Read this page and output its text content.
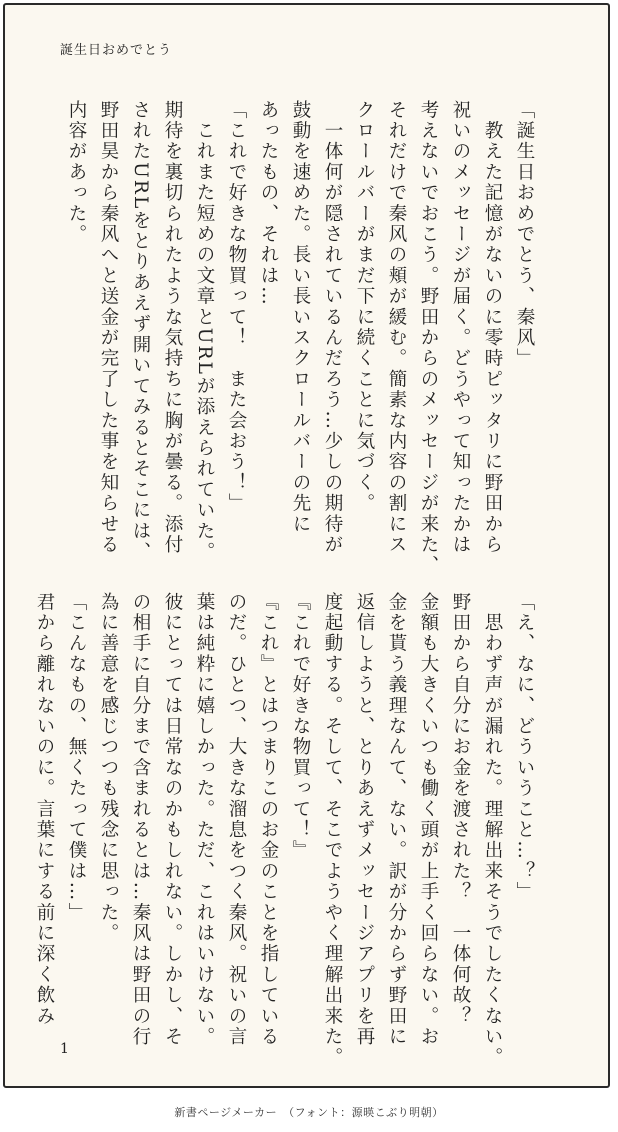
誕生日おめでとう
「誕生日おめでとう、秦风」
　教えた記憶がないのに零時ピッタリに野田から
祝いのメッセージが届く。どうやって知ったかは
考えないでおこう。野田からのメッセージが来た、
それだけで秦风の頬が緩む。簡素な内容の割にス
クロールバーがまだ下に続くことに気づく。
　一体何が隠されているんだろう…少しの期待が
鼓動を速めた。長い長いスクロールバーの先に
あったもの、それは…
「これで好きな物買って！　また会おう！」
　これまた短めの文章とURLが添えられていた。
期待を裏切られたような気持ちに胸が曇る。添付
されたURLをとりあえず開いてみるとそこには、
野田昊から秦风へと送金が完了した事を知らせる
内容があった。
「え、なに、どういうこと…？」
　思わず声が漏れた。理解出来そうでしたくない。
野田から自分にお金を渡された？　一体何故？
金額も大きくいつも働く頭が上手く回らない。お
金を貰う義理なんて、ない。訳が分からず野田に
返信しようと、とりあえずメッセージアプリを再
度起動する。そして、そこでようやく理解出来た。
『これで好きな物買って！』
『これ』とはつまりこのお金のことを指している
のだ。ひとつ、大きな溜息をつく秦风。祝いの言
葉は純粋に嬉しかった。ただ、これはいけない。
彼にとっては日常なのかもしれない。しかし、そ
の相手に自分まで含まれるとは…秦风は野田の行
為に善意を感じつつも残念に思った。
「こんなもの、無くたって僕は…」
君から離れないのに。言葉にする前に深く飲み
1
新書ページメーカー　（フォント：源暎こぶり明朝）
